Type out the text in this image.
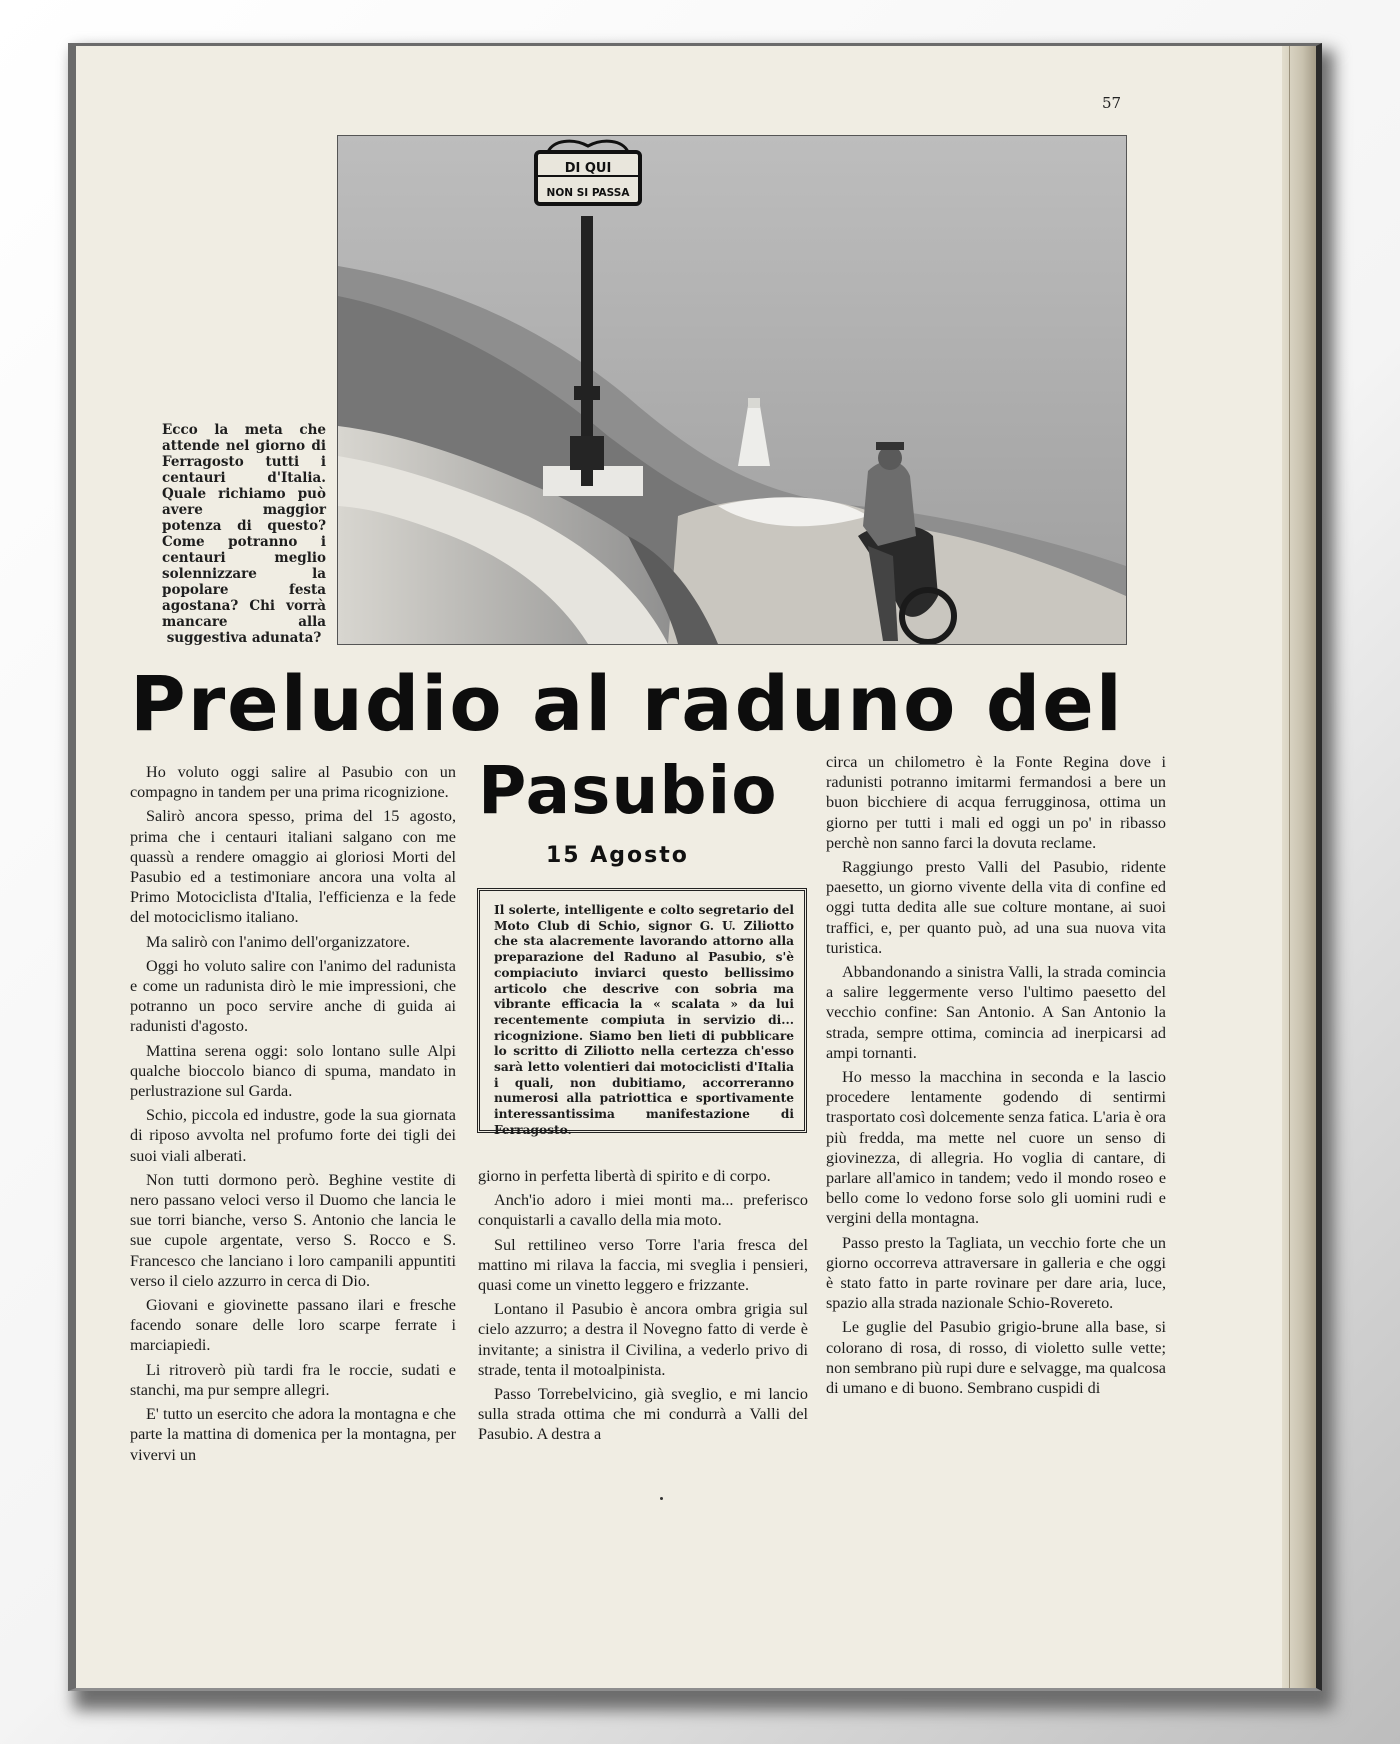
57
DI QUI
NON SI PASSA
Ecco la meta che attende nel giorno di Ferragosto tutti i centauri d'Italia. Quale richiamo può avere maggior potenza di questo? Come potranno i centauri meglio solennizzare la popolare festa agostana? Chi vorrà mancare alla suggestiva adunata?
Preludio al raduno del
Pasubio
15 Agosto
Il solerte, intelligente e colto segretario del Moto Club di Schio, signor G. U. Ziliotto che sta alacremente lavorando attorno alla preparazione del Raduno al Pasubio, s'è compiaciuto inviarci questo bellissimo articolo che descrive con sobria ma vibrante efficacia la « scalata » da lui recentemente compiuta in servizio di... ricognizione. Siamo ben lieti di pubblicare lo scritto di Ziliotto nella certezza ch'esso sarà letto volentieri dai motociclisti d'Italia i quali, non dubitiamo, accorreranno numerosi alla patriottica e sportivamente interessantissima manifestazione di Ferragosto.

Ho voluto oggi salire al Pasubio con un compagno in tandem per una prima ricognizione.

Salirò ancora spesso, prima del 15 agosto, prima che i centauri italiani salgano con me quassù a rendere omaggio ai gloriosi Morti del Pasubio ed a testimoniare ancora una volta al Primo Motociclista d'Italia, l'efficienza e la fede del motociclismo italiano.

Ma salirò con l'animo dell'organizzatore.

Oggi ho voluto salire con l'animo del radunista e come un radunista dirò le mie impressioni, che potranno un poco servire anche di guida ai radunisti d'agosto.

Mattina serena oggi: solo lontano sulle Alpi qualche bioccolo bianco di spuma, mandato in perlustrazione sul Garda.

Schio, piccola ed industre, gode la sua giornata di riposo avvolta nel profumo forte dei tigli dei suoi viali alberati.

Non tutti dormono però. Beghine vestite di nero passano veloci verso il Duomo che lancia le sue torri bianche, verso S. Antonio che lancia le sue cupole argentate, verso S. Rocco e S. Francesco che lanciano i loro campanili appuntiti verso il cielo azzurro in cerca di Dio.

Giovani e giovinette passano ilari e fresche facendo sonare delle loro scarpe ferrate i marciapiedi.

Li ritroverò più tardi fra le roccie, sudati e stanchi, ma pur sempre allegri.

E' tutto un esercito che adora la montagna e che parte la mattina di domenica per la montagna, per vivervi un

giorno in perfetta libertà di spirito e di corpo.

Anch'io adoro i miei monti ma... preferisco conquistarli a cavallo della mia moto.

Sul rettilineo verso Torre l'aria fresca del mattino mi rilava la faccia, mi sveglia i pensieri, quasi come un vinetto leggero e frizzante.

Lontano il Pasubio è ancora ombra grigia sul cielo azzurro; a destra il Novegno fatto di verde è invitante; a sinistra il Civilina, a vederlo privo di strade, tenta il motoalpinista.

Passo Torrebelvicino, già sveglio, e mi lancio sulla strada ottima che mi condurrà a Valli del Pasubio. A destra a

circa un chilometro è la Fonte Regina dove i radunisti potranno imitarmi fermandosi a bere un buon bicchiere di acqua ferrugginosa, ottima un giorno per tutti i mali ed oggi un po' in ribasso perchè non sanno farci la dovuta reclame.

Raggiungo presto Valli del Pasubio, ridente paesetto, un giorno vivente della vita di confine ed oggi tutta dedita alle sue colture montane, ai suoi traffici, e, per quanto può, ad una sua nuova vita turistica.

Abbandonando a sinistra Valli, la strada comincia a salire leggermente verso l'ultimo paesetto del vecchio confine: San Antonio. A San Antonio la strada, sempre ottima, comincia ad inerpicarsi ad ampi tornanti.

Ho messo la macchina in seconda e la lascio procedere lentamente godendo di sentirmi trasportato così dolcemente senza fatica. L'aria è ora più fredda, ma mette nel cuore un senso di giovinezza, di allegria. Ho voglia di cantare, di parlare all'amico in tandem; vedo il mondo roseo e bello come lo vedono forse solo gli uomini rudi e vergini della montagna.

Passo presto la Tagliata, un vecchio forte che un giorno occorreva attraversare in galleria e che oggi è stato fatto in parte rovinare per dare aria, luce, spazio alla strada nazionale Schio-Rovereto.

Le guglie del Pasubio grigio-brune alla base, si colorano di rosa, di rosso, di violetto sulle vette; non sembrano più rupi dure e selvagge, ma qualcosa di umano e di buono. Sembrano cuspidi di
